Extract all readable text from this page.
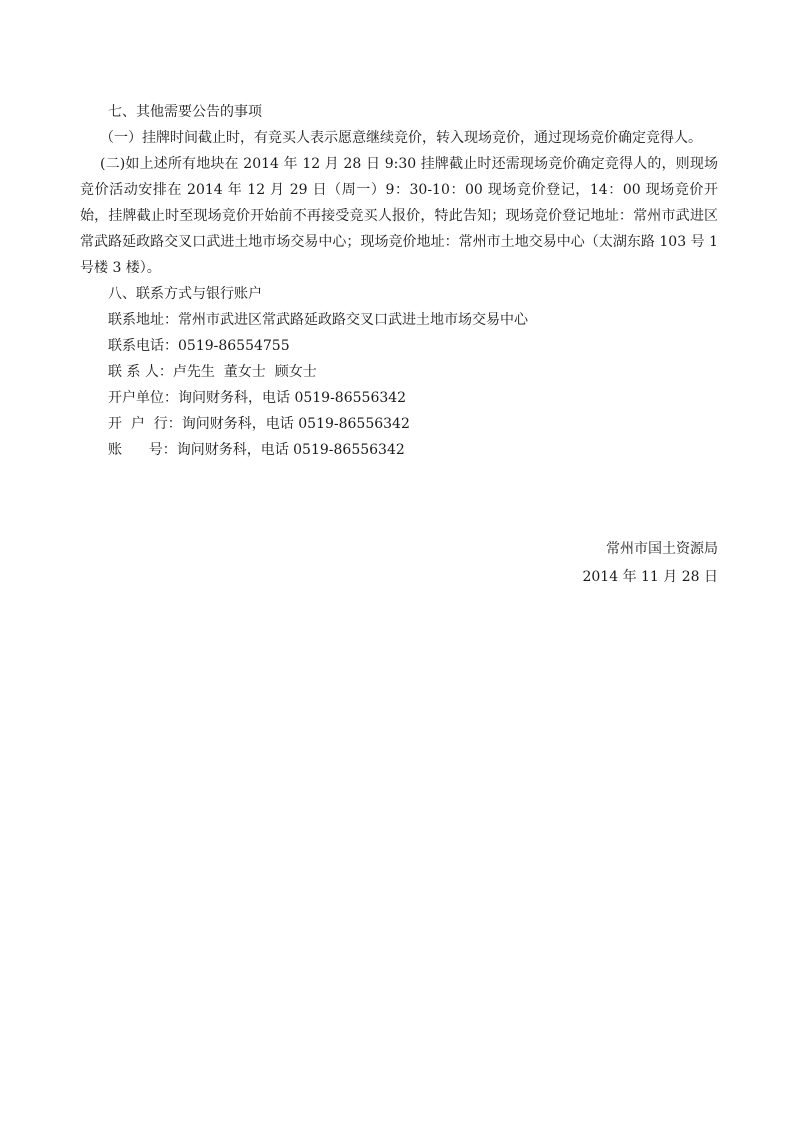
七、其他需要公告的事项

（一）挂牌时间截止时，有竞买人表示愿意继续竞价，转入现场竞价，通过现场竞价确定竞得人。

(二)如上述所有地块在 2014 年 12 月 28 日 9:30 挂牌截止时还需现场竞价确定竞得人的，则现场竞价活动安排在 2014 年 12 月 29 日（周一）9：30-10：00 现场竞价登记，14：00 现场竞价开始，挂牌截止时至现场竞价开始前不再接受竞买人报价，特此告知；现场竞价登记地址：常州市武进区常武路延政路交叉口武进土地市场交易中心；现场竞价地址：常州市土地交易中心（太湖东路 103 号 1 号楼 3 楼）。

八、联系方式与银行账户

联系地址：常州市武进区常武路延政路交叉口武进土地市场交易中心

联系电话：0519-86554755

联 系 人：卢先生  董女士  顾女士

开户单位：询问财务科，电话 0519-86556342

开  户  行：询问财务科，电话 0519-86556342

账      号：询问财务科，电话 0519-86556342

常州市国土资源局
2014 年 11 月 28 日
